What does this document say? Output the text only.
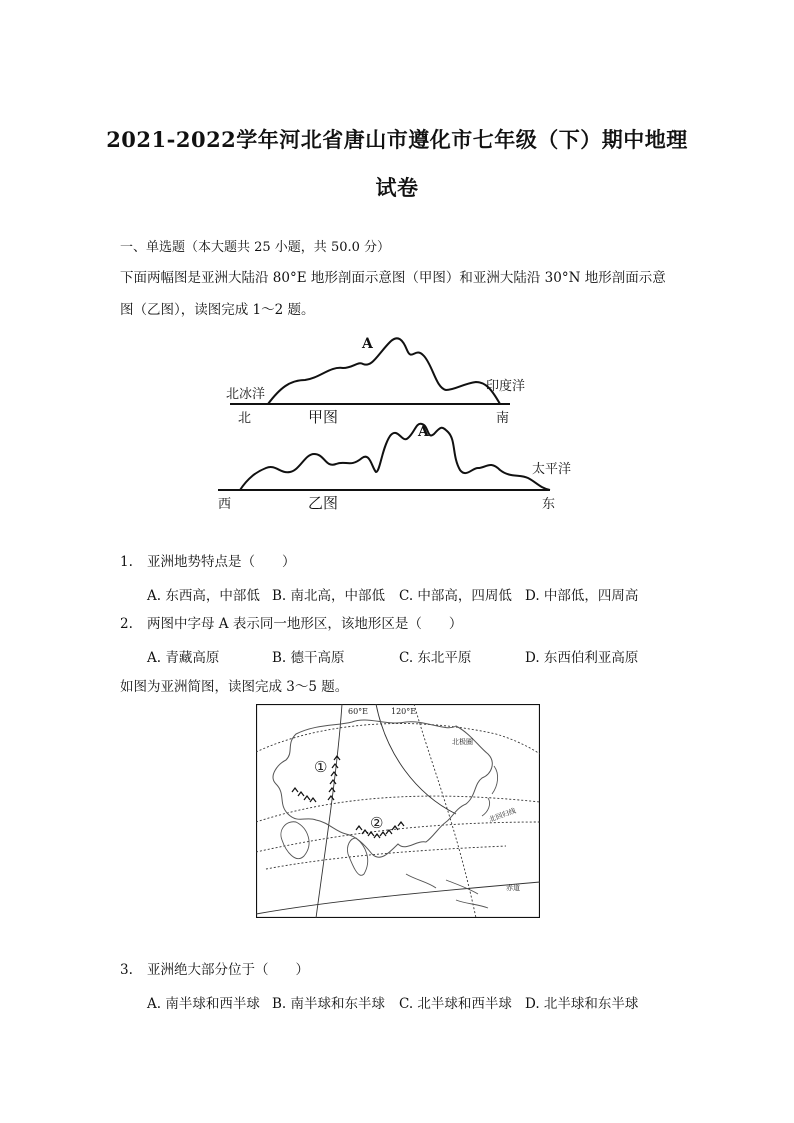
2021-2022学年河北省唐山市遵化市七年级（下）期中地理
试卷
一、单选题（本大题共 25 小题，共 50.0 分）
下面两幅图是亚洲大陆沿 80°E 地形剖面示意图（甲图）和亚洲大陆沿 30°N 地形剖面示意
图（乙图），读图完成 1～2 题。
北冰洋
印度洋
北	南
甲图
A
A
太平洋
西	东
乙图
1. 亚洲地势特点是（　　）
A. 东西高，中部低 B. 南北高，中部低 C. 中部高，四周低 D. 中部低，四周高
2. 两图中字母 A 表示同一地形区，该地形区是（　　）
A. 青藏高原	B. 德干高原	C. 东北平原	D. 东西伯利亚高原
如图为亚洲简图，读图完成 3～5 题。
60°E	120°E
北极圈
北回归线
赤道
①
②
3. 亚洲绝大部分位于（　　）
A. 南半球和西半球 B. 南半球和东半球 C. 北半球和西半球 D. 北半球和东半球
